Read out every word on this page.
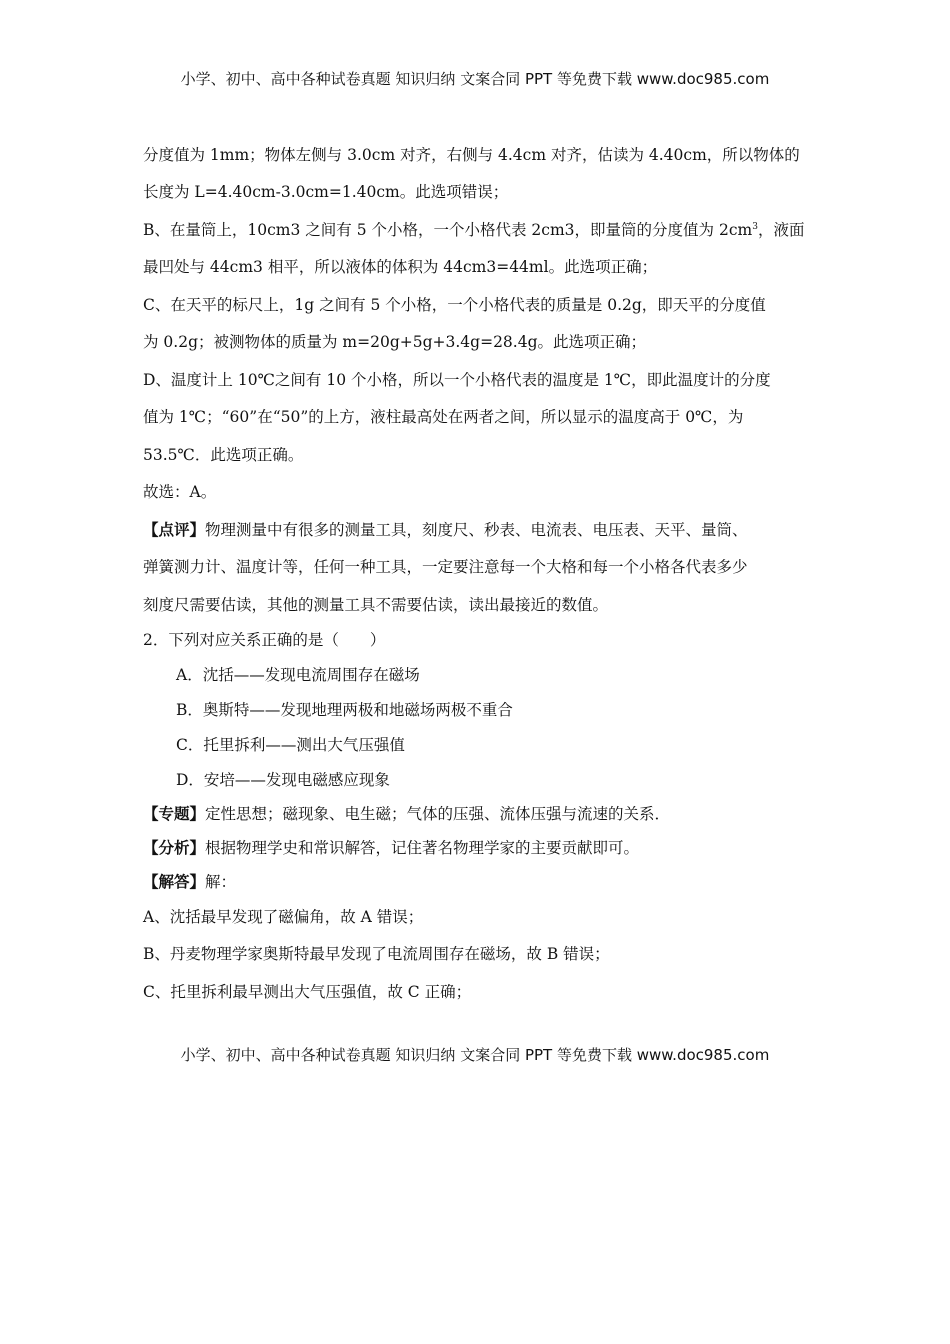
小学、初中、高中各种试卷真题 知识归纳 文案合同 PPT 等免费下载 www.doc985.com
分度值为 1mm；物体左侧与 3.0cm 对齐，右侧与 4.4cm 对齐，估读为 4.40cm，所以物体的
长度为 L=4.40cm-3.0cm=1.40cm。此选项错误；
B、在量筒上，10cm3 之间有 5 个小格，一个小格代表 2cm3，即量筒的分度值为 $2cm^3$，液面
最凹处与 44cm3 相平，所以液体的体积为 44cm3=44ml。此选项正确；
C、在天平的标尺上，1g 之间有 5 个小格，一个小格代表的质量是 0.2g，即天平的分度值
为 0.2g；被测物体的质量为 m=20g+5g+3.4g=28.4g。此选项正确；
D、温度计上 10℃之间有 10 个小格，所以一个小格代表的温度是 1℃，即此温度计的分度
值为 1℃；“60”在“50”的上方，液柱最高处在两者之间，所以显示的温度高于 0℃，为
53.5℃．此选项正确。
故选：A。
【点评】物理测量中有很多的测量工具，刻度尺、秒表、电流表、电压表、天平、量筒、
弹簧测力计、温度计等，任何一种工具，一定要注意每一个大格和每一个小格各代表多少
刻度尺需要估读，其他的测量工具不需要估读，读出最接近的数值。
2．下列对应关系正确的是（　　）
A．沈括——发现电流周围存在磁场
B．奥斯特——发现地理两极和地磁场两极不重合
C．托里拆利——测出大气压强值
D．安培——发现电磁感应现象
【专题】定性思想；磁现象、电生磁；气体的压强、流体压强与流速的关系．
【分析】根据物理学史和常识解答，记住著名物理学家的主要贡献即可。
【解答】解：
A、沈括最早发现了磁偏角，故 A 错误；
B、丹麦物理学家奥斯特最早发现了电流周围存在磁场，故 B 错误；
C、托里拆利最早测出大气压强值，故 C 正确；
小学、初中、高中各种试卷真题 知识归纳 文案合同 PPT 等免费下载 www.doc985.com
